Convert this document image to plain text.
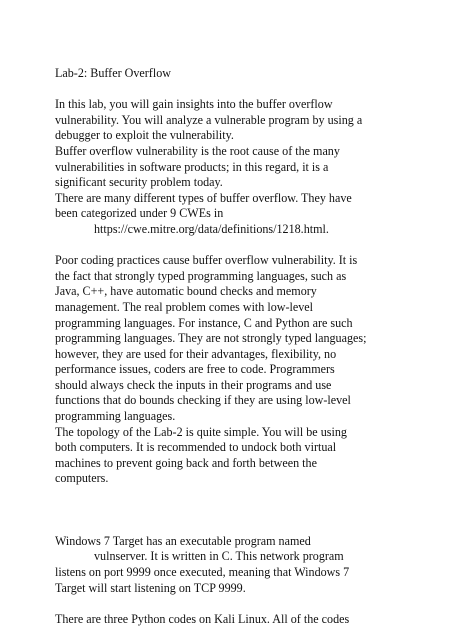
Lab-2: Buffer Overflow
In this lab, you will gain insights into the buffer overflow
vulnerability. You will analyze a vulnerable program by using a
debugger to exploit the vulnerability.
Buffer overflow vulnerability is the root cause of the many
vulnerabilities in software products; in this regard, it is a
significant security problem today.
There are many different types of buffer overflow. They have
been categorized under 9 CWEs in
https://cwe.mitre.org/data/definitions/1218.html.
Poor coding practices cause buffer overflow vulnerability. It is
the fact that strongly typed programming languages, such as
Java, C++, have automatic bound checks and memory
management. The real problem comes with low-level
programming languages. For instance, C and Python are such
programming languages. They are not strongly typed languages;
however, they are used for their advantages, flexibility, no
performance issues, coders are free to code. Programmers
should always check the inputs in their programs and use
functions that do bounds checking if they are using low-level
programming languages.
The topology of the Lab-2 is quite simple. You will be using
both computers. It is recommended to undock both virtual
machines to prevent going back and forth between the
computers.
Windows 7 Target has an executable program named
vulnserver. It is written in C. This network program
listens on port 9999 once executed, meaning that Windows 7
Target will start listening on TCP 9999.
There are three Python codes on Kali Linux. All of the codes
